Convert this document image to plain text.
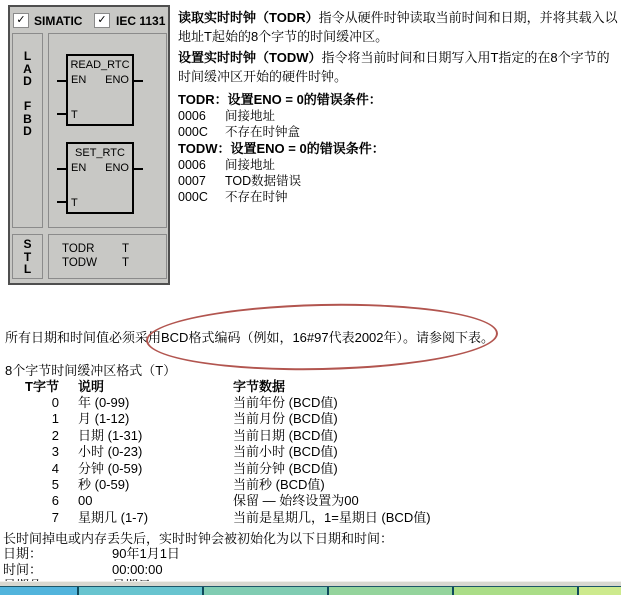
✓ SIMATIC	✓ IEC 1131
L
A
D
F
B
D
READ_RTC
EN ENO
T
SET_RTC
EN ENO
T
S
T
L
TODR T
TODW T
读取实时时钟（TODR）指令从硬件时钟读取当前时间和日期，并将其载入以地址T起始的8个字节的时间缓冲区。
设置实时时钟（TODW）指令将当前时间和日期写入用T指定的在8个字节的时间缓冲区开始的硬件时钟。
TODR：设置ENO = 0的错误条件：
0006 间接地址
000C 不存在时钟盒
TODW：设置ENO = 0的错误条件：
0006 间接地址
0007 TOD数据错误
000C 不存在时钟
所有日期和时间值必须采用BCD格式编码（例如，16#97代表2002年）。请参阅下表。
8个字节时间缓冲区格式（T）
T字节	说明	字节数据
0	年 (0-99)	当前年份 (BCD值)
1	月 (1-12)	当前月份 (BCD值)
2	日期 (1-31)	当前日期 (BCD值)
3	小时 (0-23)	当前小时 (BCD值)
4	分钟 (0-59)	当前分钟 (BCD值)
5	秒 (0-59)	当前秒 (BCD值)
6	00	保留 — 始终设置为00
7	星期几 (1-7)	当前是星期几，1=星期日 (BCD值)
长时间掉电或内存丢失后，实时时钟会被初始化为以下日期和时间：
日期：	90年1月1日
时间：	00:00:00
